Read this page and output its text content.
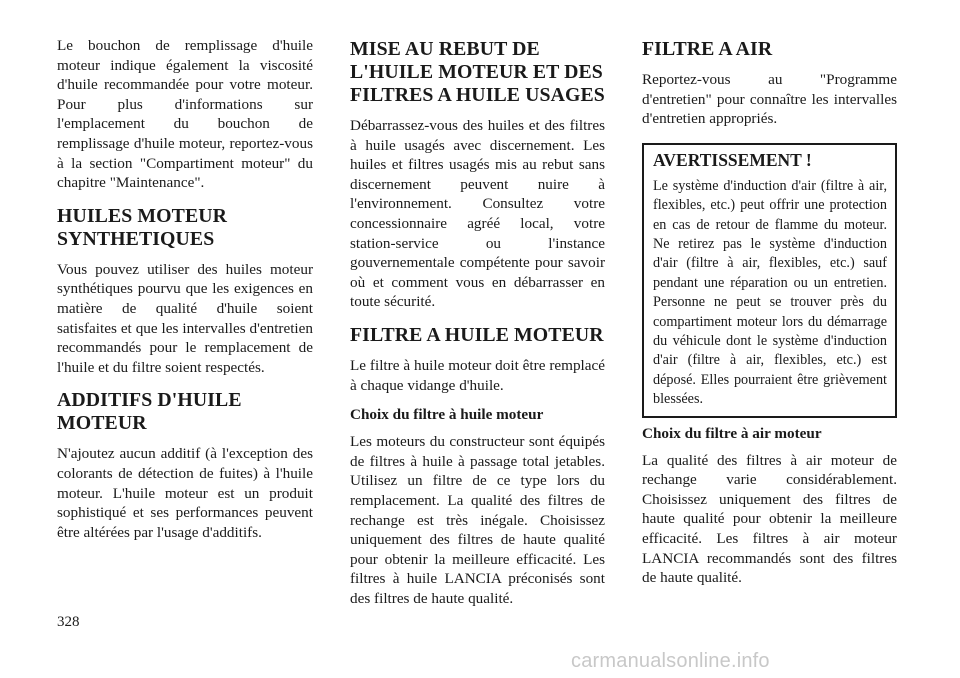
Le bouchon de remplissage d'huile moteur indique également la viscosité d'huile recommandée pour votre moteur. Pour plus d'informations sur l'emplacement du bouchon de remplissage d'huile moteur, reportez-vous à la section "Compartiment moteur" du chapitre "Maintenance".

HUILES MOTEUR SYNTHETIQUES

Vous pouvez utiliser des huiles moteur synthétiques pourvu que les exigences en matière de qualité d'huile soient satisfaites et que les intervalles d'entretien recommandés pour le remplacement de l'huile et du filtre soient respectés.

ADDITIFS D'HUILE MOTEUR

N'ajoutez aucun additif (à l'exception des colorants de détection de fuites) à l'huile moteur. L'huile moteur est un produit sophistiqué et ses performances peuvent être altérées par l'usage d'additifs.

MISE AU REBUT DE L'HUILE MOTEUR ET DES FILTRES A HUILE USAGES

Débarrassez-vous des huiles et des filtres à huile usagés avec discernement. Les huiles et filtres usagés mis au rebut sans discernement peuvent nuire à l'environnement. Consultez votre concessionnaire agréé local, votre station-service ou l'instance gouvernementale compétente pour savoir où et comment vous en débarrasser en toute sécurité.

FILTRE A HUILE MOTEUR

Le filtre à huile moteur doit être remplacé à chaque vidange d'huile.

Choix du filtre à huile moteur

Les moteurs du constructeur sont équipés de filtres à huile à passage total jetables. Utilisez un filtre de ce type lors du remplacement. La qualité des filtres de rechange est très inégale. Choisissez uniquement des filtres de haute qualité pour obtenir la meilleure efficacité. Les filtres à huile LANCIA préconisés sont des filtres de haute qualité.

FILTRE A AIR

Reportez-vous au "Programme d'entretien" pour connaître les intervalles d'entretien appropriés.

AVERTISSEMENT !

Le système d'induction d'air (filtre à air, flexibles, etc.) peut offrir une protection en cas de retour de flamme du moteur. Ne retirez pas le système d'induction d'air (filtre à air, flexibles, etc.) sauf pendant une réparation ou un entretien. Personne ne peut se trouver près du compartiment moteur lors du démarrage du véhicule dont le système d'induction d'air (filtre à air, flexibles, etc.) est déposé. Elles pourraient être grièvement blessées.

Choix du filtre à air moteur

La qualité des filtres à air moteur de rechange varie considérablement. Choisissez uniquement des filtres de haute qualité pour obtenir la meilleure efficacité. Les filtres à air moteur LANCIA recommandés sont des filtres de haute qualité.

328
carmanualsonline.info
